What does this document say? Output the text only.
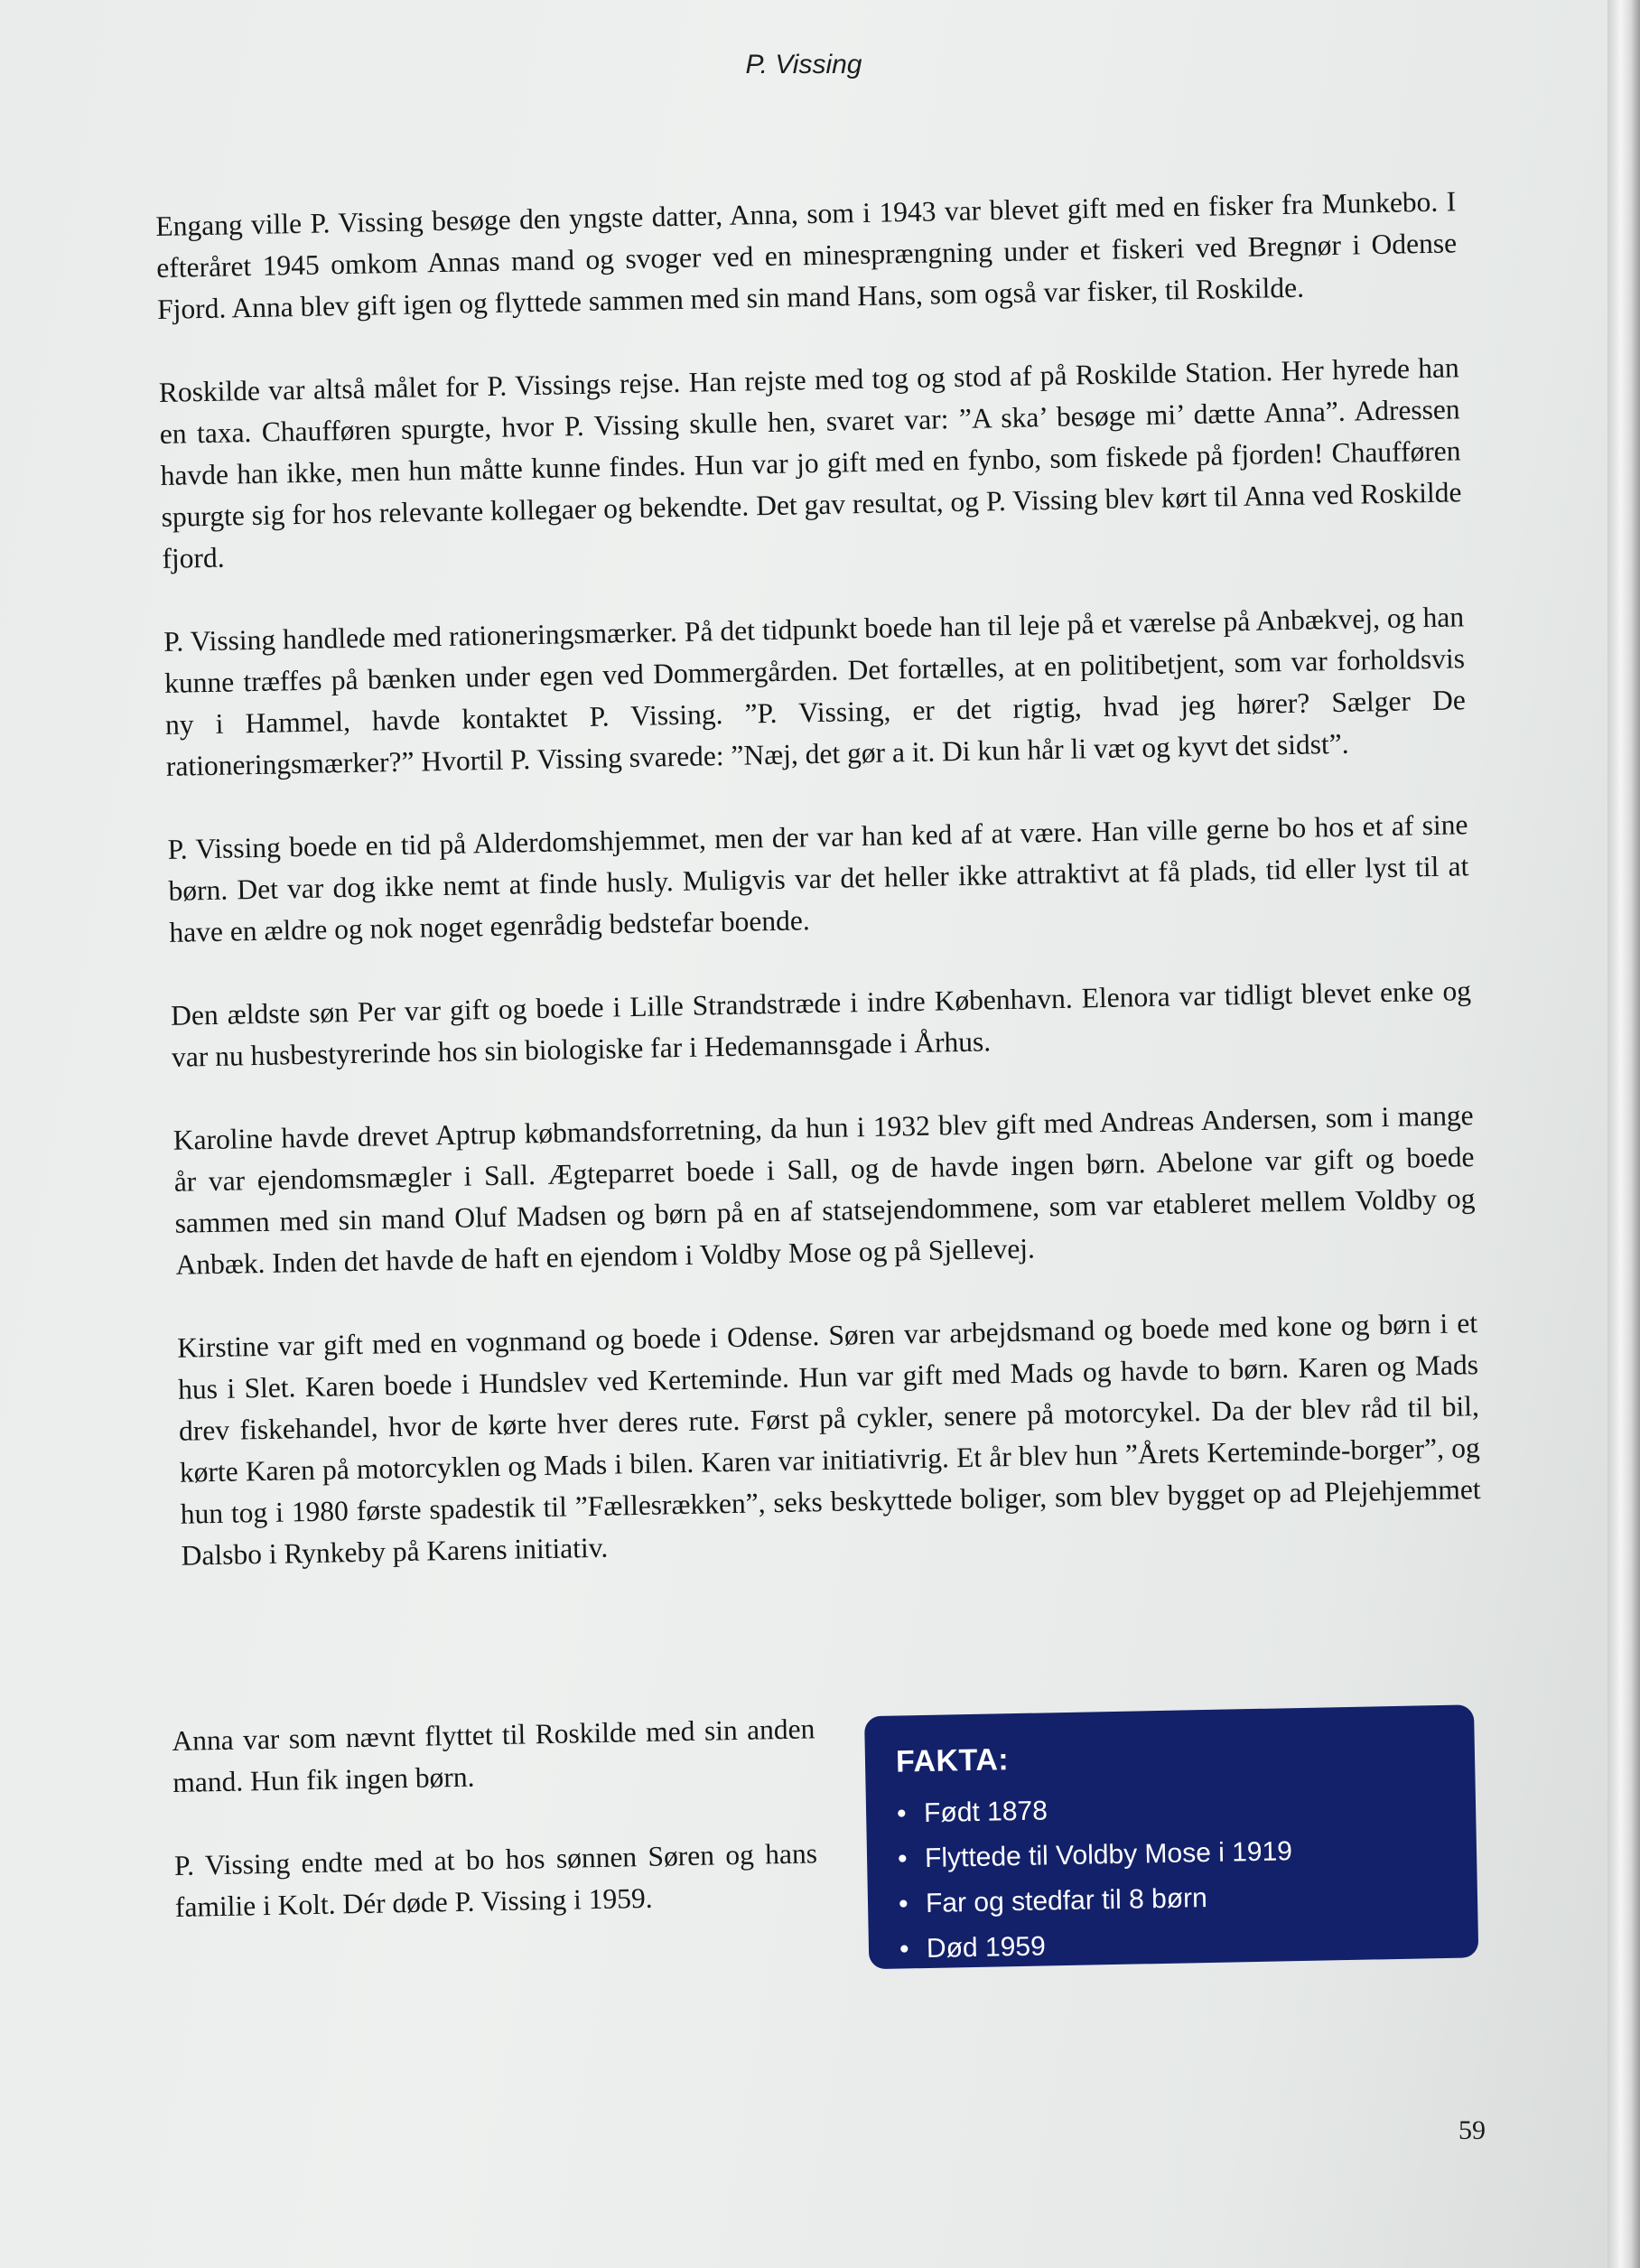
P. Vissing

Engang ville P. Vissing besøge den yngste datter, Anna, som i 1943 var blevet gift med en fisker fra Munkebo. I efteråret 1945 omkom Annas mand og svoger ved en minesprængning under et fiskeri ved Bregnør i Odense Fjord. Anna blev gift igen og flyttede sammen med sin mand Hans, som også var fisker, til Roskilde.

Roskilde var altså målet for P. Vissings rejse. Han rejste med tog og stod af på Roskilde Station. Her hyrede han en taxa. Chaufføren spurgte, hvor P. Vissing skulle hen, svaret var: ”A ska’ besøge mi’ dætte Anna”. Adressen havde han ikke, men hun måtte kunne findes. Hun var jo gift med en fynbo, som fiskede på fjorden! Chaufføren spurgte sig for hos relevante kollegaer og bekendte. Det gav resultat, og P. Vissing blev kørt til Anna ved Roskilde fjord.

P. Vissing handlede med rationeringsmærker. På det tidpunkt boede han til leje på et værelse på Anbækvej, og han kunne træffes på bænken under egen ved Dommergården. Det fortælles, at en politibetjent, som var forholdsvis ny i Hammel, havde kontaktet P. Vissing. ”P. Vissing, er det rigtig, hvad jeg hører? Sælger De rationeringsmærker?” Hvortil P. Vissing svarede: ”Næj, det gør a it. Di kun hår li væt og kyvt det sidst”.

P. Vissing boede en tid på Alderdomshjemmet, men der var han ked af at være. Han ville gerne bo hos et af sine børn. Det var dog ikke nemt at finde husly. Muligvis var det heller ikke attraktivt at få plads, tid eller lyst til at have en ældre og nok noget egenrådig bedstefar boende.

Den ældste søn Per var gift og boede i Lille Strandstræde i indre København. Elenora var tidligt blevet enke og var nu husbestyrerinde hos sin biologiske far i Hedemannsgade i Århus.

Karoline havde drevet Aptrup købmandsforretning, da hun i 1932 blev gift med Andreas Andersen, som i mange år var ejendomsmægler i Sall. Ægteparret boede i Sall, og de havde ingen børn. Abelone var gift og boede sammen med sin mand Oluf Madsen og børn på en af statsejendommene, som var etableret mellem Voldby og Anbæk. Inden det havde de haft en ejendom i Voldby Mose og på Sjellevej.

Kirstine var gift med en vognmand og boede i Odense. Søren var arbejdsmand og boede med kone og børn i et hus i Slet. Karen boede i Hundslev ved Kerteminde. Hun var gift med Mads og havde to børn. Karen og Mads drev fiskehandel, hvor de kørte hver deres rute. Først på cykler, senere på motorcykel. Da der blev råd til bil, kørte Karen på motorcyklen og Mads i bilen. Karen var initiativrig. Et år blev hun ”Årets Kerteminde-borger”, og hun tog i 1980 første spadestik til ”Fællesrækken”, seks beskyttede boliger, som blev bygget op ad Plejehjemmet Dalsbo i Rynkeby på Karens initiativ.

Anna var som nævnt flyttet til Roskilde med sin anden mand. Hun fik ingen børn.

P. Vissing endte med at bo hos sønnen Søren og hans familie i Kolt. Dér døde P. Vissing i 1959.

FAKTA:
• Født 1878
• Flyttede til Voldby Mose i 1919
• Far og stedfar til 8 børn
• Død 1959
59
